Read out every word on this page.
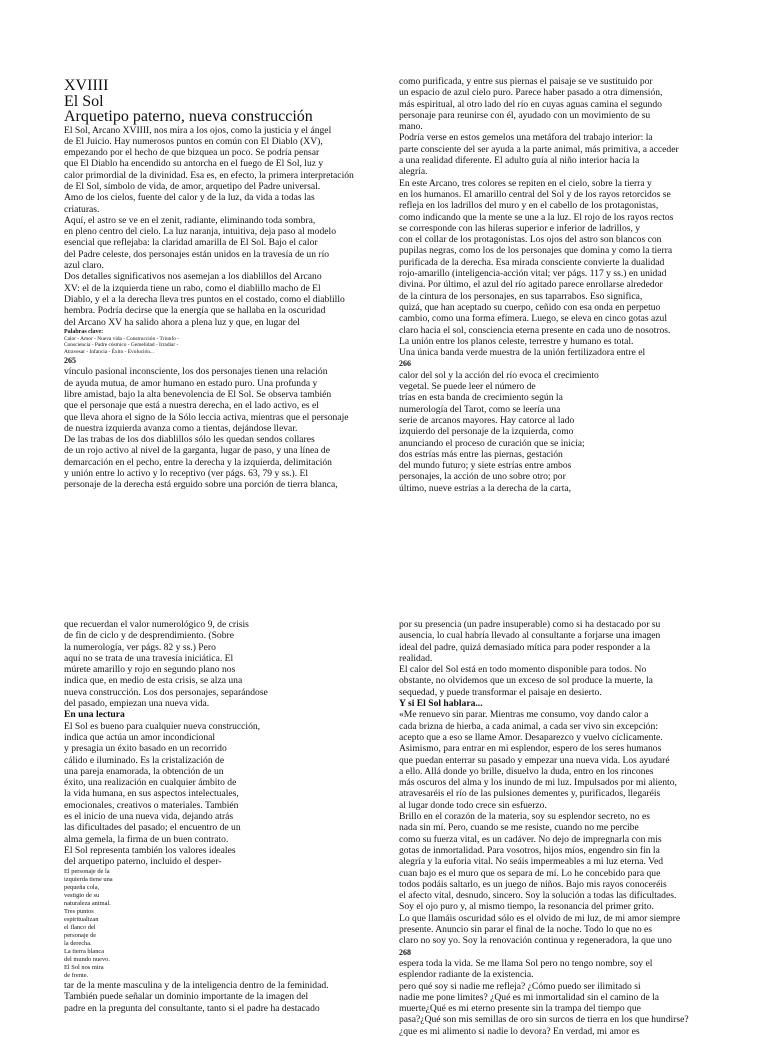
XVIIII

El Sol

Arquetipo paterno, nueva construcción

El Sol, Arcano XVIIII, nos mira a los ojos, como la justicia y el ángel

de El Juicio. Hay numerosos puntos en común con El Diablo (XV),

empezando por el hecho de que bizquea un poco. Se podría pensar

que El Diablo ha encendido su antorcha en el fuego de El Sol, luz y

calor primordial de la divinidad. Esa es, en efecto, la primera interpretación

de El Sol, símbolo de vida, de amor, arquetipo del Padre universal.

Amo de los cielos, fuente del calor y de la luz, da vida a todas las

criaturas.

Aquí, el astro se ve en el zenit, radiante, eliminando toda sombra,

en pleno centro del cielo. La luz naranja, intuitiva, deja paso al modelo

esencial que reflejaba: la claridad amarilla de El Sol. Bajo el calor

del Padre celeste, dos personajes están unidos en la travesía de un río

azul claro.

Dos detalles significativos nos asemejan a los diablillos del Arcano

XV: el de la izquierda tiene un rabo, como el diablillo macho de El

Diablo, y el a la derecha lleva tres puntos en el costado, como el diablillo

hembra. Podría decirse que la energía que se hallaba en la oscuridad

del Arcano XV ha salido ahora a plena luz y que, en lugar del

Palabras clave:

Calor - Amor - Nueva vida - Construcción - Triunfo -

Consciencia - Padre cósmico - Gemelidad - Irradiar -

Atravesar - Infancia - Éxito - Evolución...

265

vínculo pasional inconsciente, los dos personajes tienen una relación

de ayuda mutua, de amor humano en estado puro. Una profunda y

libre amistad, bajo la alta benevolencia de El Sol. Se observa también

que el personaje que está a nuestra derecha, en el lado activo, es el

que lleva ahora el signo de la Sólo leccia activa, mientras que el personaje

de nuestra izquierda avanza como a tientas, dejándose llevar.

De las trabas de los dos diablillos sólo les quedan sendos collares

de un rojo activo al nivel de la garganta, lugar de paso, y una línea de

demarcación en el pecho, entre la derecha y la izquierda, delimitación

y unión entre lo activo y lo receptivo (ver págs. 63, 79 y ss.). El

personaje de la derecha está erguido sobre una porción de tierra blanca,

como purificada, y entre sus piernas el paisaje se ve sustituido por

un espacio de azul cielo puro. Parece haber pasado a otra dimensión,

más espiritual, al otro lado del río en cuyas aguas camina el segundo

personaje para reunirse con él, ayudado con un movimiento de su

mano.

Podría verse en estos gemelos una metáfora del trabajo interior: la

parte consciente del ser ayuda a la parte animal, más primitiva, a acceder

a una realidad diferente. El adulto guía al niño interior hacia la

alegría.

En este Arcano, tres colores se repiten en el cielo, sobre la tierra y

en los humanos. El amarillo central del Sol y de los rayos retorcidos se

refleja en los ladrillos del muro y en el cabello de los protagonistas,

como indicando que la mente se une a la luz. El rojo de los rayos rectos

se corresponde con las hileras superior e inferior de ladrillos, y

con el collar de los protagonistas. Los ojos del astro son blancos con

pupilas negras, como los de los personajes que domina y como la tierra

purificada de la derecha. Esa mirada consciente convierte la dualidad

rojo-amarillo (inteligencia-acción vital; ver págs. 117 y ss.) en unidad

divina. Por último, el azul del río agitado parece enrollarse alrededor

de la cintura de los personajes, en sus taparrabos. Eso significa,

quizá, que han aceptado su cuerpo, ceñido con esa onda en perpetuo

cambio, como una forma efímera. Luego, se eleva en cinco gotas azul

claro hacia el sol, consciencia eterna presente en cada uno de nosotros.

La unión entre los planos celeste, terrestre y humano es total.

Una única banda verde muestra de la unión fertilizadora entre el

266

calor del sol y la acción del río evoca el crecimiento

vegetal. Se puede leer el número de

trías en esta banda de crecimiento según la

numerología del Tarot, como se leería una

serie de arcanos mayores. Hay catorce al lado

izquierdo del personaje de la izquierda, como

anunciando el proceso de curación que se inicia;

dos estrías más entre las piernas, gestación

del mundo futuro; y siete estrías entre ambos

personajes, la acción de uno sobre otro; por

último, nueve estrías a la derecha de la carta,

que recuerdan el valor numerológico 9, de crisis

de fin de ciclo y de desprendimiento. (Sobre

la numerología, ver págs. 82 y ss.) Pero

aquí no se trata de una travesía iniciática. El

múrete amarillo y rojo en segundo plano nos

indica que, en medio de esta crisis, se alza una

nueva construcción. Los dos personajes, separándose

del pasado, empiezan una nueva vida.

En una lectura

El Sol es bueno para cualquier nueva construcción,

indica que actúa un amor incondicional

y presagia un éxito basado en un recorrido

cálido e iluminado. Es la cristalización de

una pareja enamorada, la obtención de un

éxito, una realización en cualquier ámbito de

la vida humana, en sus aspectos intelectuales,

emocionales, creativos o materiales. También

es el inicio de una nueva vida, dejando atrás

las dificultades del pasado; el encuentro de un

alma gemela, la firma de un buen contrato.

El Sol representa también los valores ideales

del arquetipo paterno, incluido el desper-

El personaje de la

izquierda tiene una

pequeña cola,

vestigio de su

naturaleza animal.

Tres puntos

espiritualizan

el flanco del

personaje de

la derecha.

La tierra blanca

del mundo nuevo.

El Sol nos mira

de frente.

tar de la mente masculina y de la inteligencia dentro de la feminidad.

También puede señalar un dominio importante de la imagen del

padre en la pregunta del consultante, tanto si el padre ha destacado

por su presencia (un padre insuperable) como si ha destacado por su

ausencia, lo cual habría llevado al consultante a forjarse una imagen

ideal del padre, quizá demasiado mítica para poder responder a la

realidad.

El calor del Sol está en todo momento disponible para todos. No

obstante, no olvidemos que un exceso de sol produce la muerte, la

sequedad, y puede transformar el paisaje en desierto.

Y si El Sol hablara...

«Me renuevo sin parar. Mientras me consumo, voy dando calor a

cada brizna de hierba, a cada animal, a cada ser vivo sin excepción:

acepto que a eso se llame Amor. Desaparezco y vuelvo cíclicamente.

Asimismo, para entrar en mi esplendor, espero de los seres humanos

que puedan enterrar su pasado y empezar una nueva vida. Los ayudaré

a ello. Allá donde yo brille, disuelvo la duda, entro en los rincones

más oscuros del alma y los inundo de mi luz. Impulsados por mi aliento,

atravesaréis el río de las pulsiones dementes y, purificados, llegaréis

al lugar donde todo crece sin esfuerzo.

Brillo en el corazón de la materia, soy su esplendor secreto, no es

nada sin mí. Pero, cuando se me resiste, cuando no me percibe

como su fuerza vital, es un cadáver. No dejo de impregnarla con mis

gotas de inmortalidad. Para vosotros, hijos míos, engendro sin fin la

alegría y la euforia vital. No seáis impermeables a mi luz eterna. Ved

cuan bajo es el muro que os separa de mí. Lo he concebido para que

todos podáis saltarlo, es un juego de niños. Bajo mis rayos conoceréis

el afecto vital, desnudo, sincero. Soy la solución a todas las dificultades.

Soy el ojo puro y, al mismo tiempo, la resonancia del primer grito.

Lo que llamáis oscuridad sólo es el olvido de mi luz, de mi amor siempre

presente. Anuncio sin parar el final de la noche. Todo lo que no es

claro no soy yo. Soy la renovación continua y regeneradora, la que uno

268

espera toda la vida. Se me llama Sol pero no tengo nombre, soy el

esplendor radiante de la existencia.

pero qué soy si nadie me refleja? ¿Cómo puedo ser ilimitado si

nadie me pone límites? ¿Qué es mi inmortalidad sin el camino de la

muerte¿Qué es mi eterno presente sin la trampa del tiempo que

pasa?¿Qué son mis semillas de oro sin surcos de tierra en los que hundirse?

¿que es mi alimento si nadie lo devora? En verdad, mi amor es
